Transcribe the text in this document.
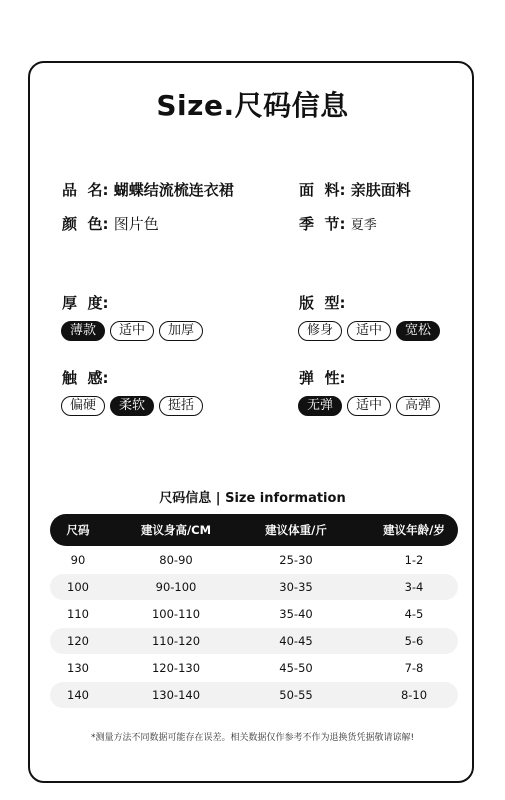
Size.尺码信息
品  名: 蝴蝶结流梳连衣裙	面  料: 亲肤面料
颜  色: 图片色	季  节: 夏季
厚  度:
薄款	适中	加厚
版  型:
修身	适中	宽松
触  感:
偏硬	柔软	挺括
弹  性:
无弹	适中	高弹
尺码信息 | Size information
尺码	建议身高/CM	建议体重/斤	建议年龄/岁
90	80-90	25-30	1-2
100	90-100	30-35	3-4
110	100-110	35-40	4-5
120	110-120	40-45	5-6
130	120-130	45-50	7-8
140	130-140	50-55	8-10
*测量方法不同数据可能存在误差。相关数据仅作参考不作为退换货凭据敬请谅解!
